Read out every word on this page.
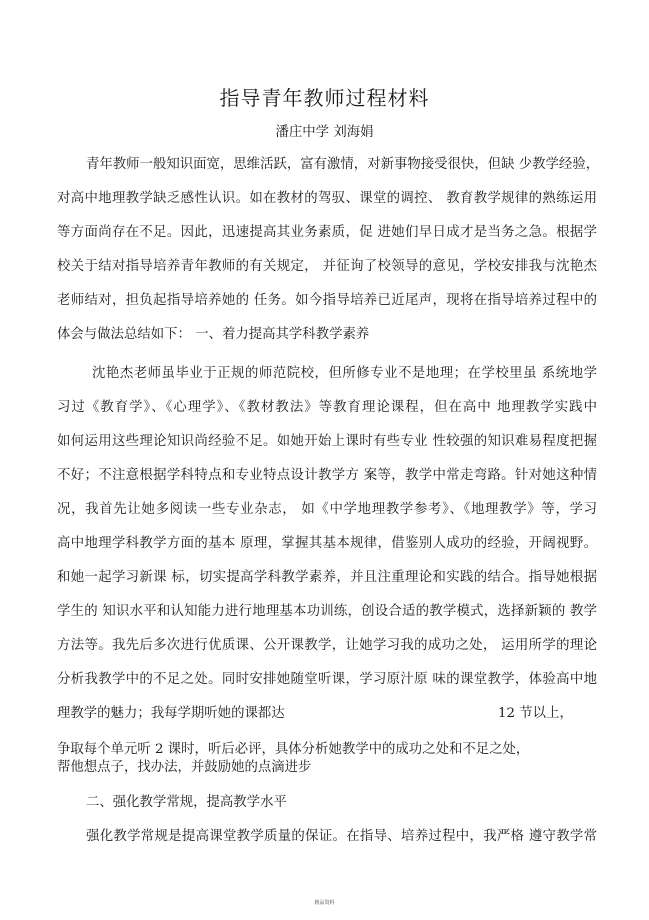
指导青年教师过程材料
潘庄中学 刘海娟
青年教师一般知识面宽，思维活跃，富有激情，对新事物接受很快，但缺 少教学经验，
对高中地理教学缺乏感性认识。如在教材的驾驭、课堂的调控、 教育教学规律的熟练运用
等方面尚存在不足。因此，迅速提高其业务素质，促 进她们早日成才是当务之急。根据学
校关于结对指导培养青年教师的有关规定， 并征询了校领导的意见，学校安排我与沈艳杰
老师结对，担负起指导培养她的 任务。如今指导培养已近尾声，现将在指导培养过程中的
体会与做法总结如下： 一、着力提高其学科教学素养
沈艳杰老师虽毕业于正规的师范院校，但所修专业不是地理；在学校里虽 系统地学
习过《教育学》、《心理学》、《教材教法》等教育理论课程，但在高中 地理教学实践中
如何运用这些理论知识尚经验不足。如她开始上课时有些专业 性较强的知识难易程度把握
不好；不注意根据学科特点和专业特点设计教学方 案等，教学中常走弯路。针对她这种情
况，我首先让她多阅读一些专业杂志， 如《中学地理教学参考》、《地理教学》等，学习
高中地理学科教学方面的基本 原理，掌握其基本规律，借鉴别人成功的经验，开阔视野。
和她一起学习新课 标，切实提高学科教学素养，并且注重理论和实践的结合。指导她根据
学生的 知识水平和认知能力进行地理基本功训练，创设合适的教学模式，选择新颖的 教学
方法等。我先后多次进行优质课、公开课教学，让她学习我的成功之处， 运用所学的理论
分析我教学中的不足之处。同时安排她随堂听课，学习原汁原 味的课堂教学，体验高中地
理教学的魅力；我每学期听她的课都达	12 节以上，
争取每个单元听 2 课时，听后必评，具体分析她教学中的成功之处和不足之处，
帮他想点子，找办法，并鼓励她的点滴进步
二、强化教学常规，提高教学水平
强化教学常规是提高课堂教学质量的保证。在指导、培养过程中，我严格 遵守教学常
精品资料
